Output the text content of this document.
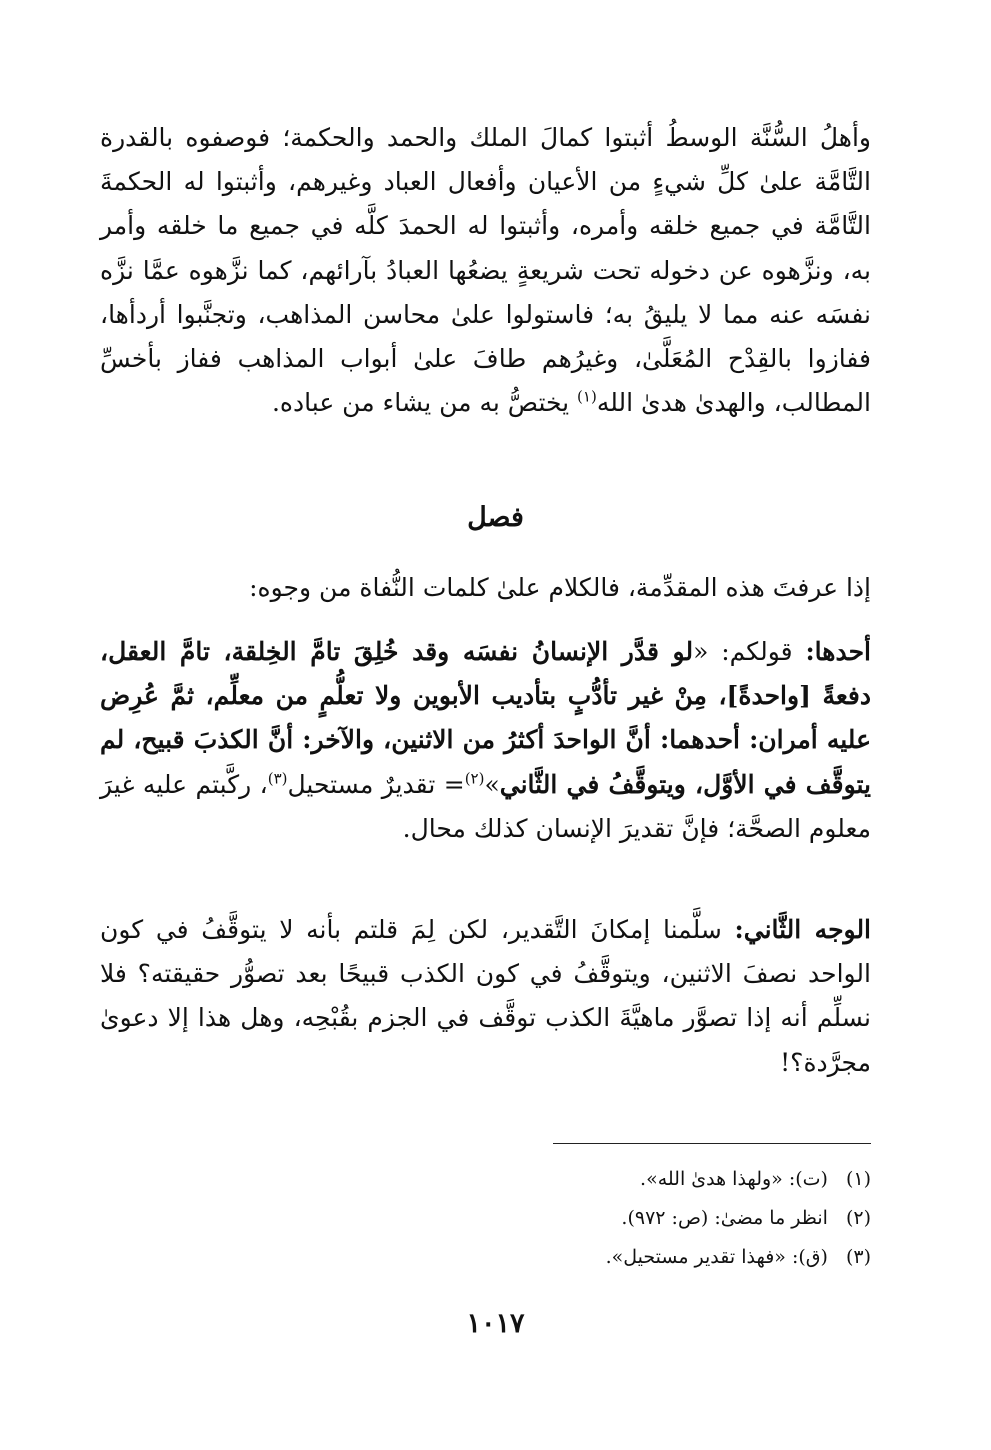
وأهلُ السُّنَّة الوسطُ أثبتوا كمالَ الملك والحمد والحكمة؛ فوصفوه بالقدرة التَّامَّة علىٰ كلِّ شيءٍ من الأعيان وأفعال العباد وغيرهم، وأثبتوا له الحكمةَ التَّامَّة في جميع خلقه وأمره، وأثبتوا له الحمدَ كلَّه في جميع ما خلقه وأمر به، ونزَّهوه عن دخوله تحت شريعةٍ يضعُها العبادُ بآرائهم، كما نزَّهوه عمَّا نزَّه نفسَه عنه مما لا يليقُ به؛ فاستولوا علىٰ محاسن المذاهب، وتجنَّبوا أردأها، ففازوا بالقِدْح المُعَلَّىٰ، وغيرُهم طافَ علىٰ أبواب المذاهب ففاز بأخسِّ المطالب، والهدىٰ هدىٰ الله$^{(١)}$ يختصُّ به من يشاء من عباده.

فصل

إذا عرفتَ هذه المقدِّمة، فالكلام علىٰ كلمات النُّفاة من وجوه:

أحدها: قولكم: «لو قدَّر الإنسانُ نفسَه وقد خُلِقَ تامَّ الخِلقة، تامَّ العقل، دفعةً [واحدةً]، مِنْ غير تأدُّبٍ بتأديب الأبوين ولا تعلُّمٍ من معلِّم، ثمَّ عُرِض عليه أمران: أحدهما: أنَّ الواحدَ أكثرُ من الاثنين، والآخر: أنَّ الكذبَ قبيح، لم يتوقَّف في الأوَّل، ويتوقَّفُ في الثَّاني»$^{(٢)}$= تقديرٌ مستحيل$^{(٣)}$، ركَّبتم عليه غيرَ معلوم الصحَّة؛ فإنَّ تقديرَ الإنسان كذلك محال.

الوجه الثَّاني: سلَّمنا إمكانَ التَّقدير، لكن لِمَ قلتم بأنه لا يتوقَّفُ في كون الواحد نصفَ الاثنين، ويتوقَّفُ في كون الكذب قبيحًا بعد تصوُّر حقيقته؟ فلا نسلِّم أنه إذا تصوَّر ماهيَّةَ الكذب توقَّف في الجزم بقُبْحِه، وهل هذا إلا دعوىٰ مجرَّدة؟!

(١)(ت): «ولهذا هدىٰ الله».
(٢)انظر ما مضىٰ: (ص: ٩٧٢).
(٣)(ق): «فهذا تقدير مستحيل».
١٠١٧
